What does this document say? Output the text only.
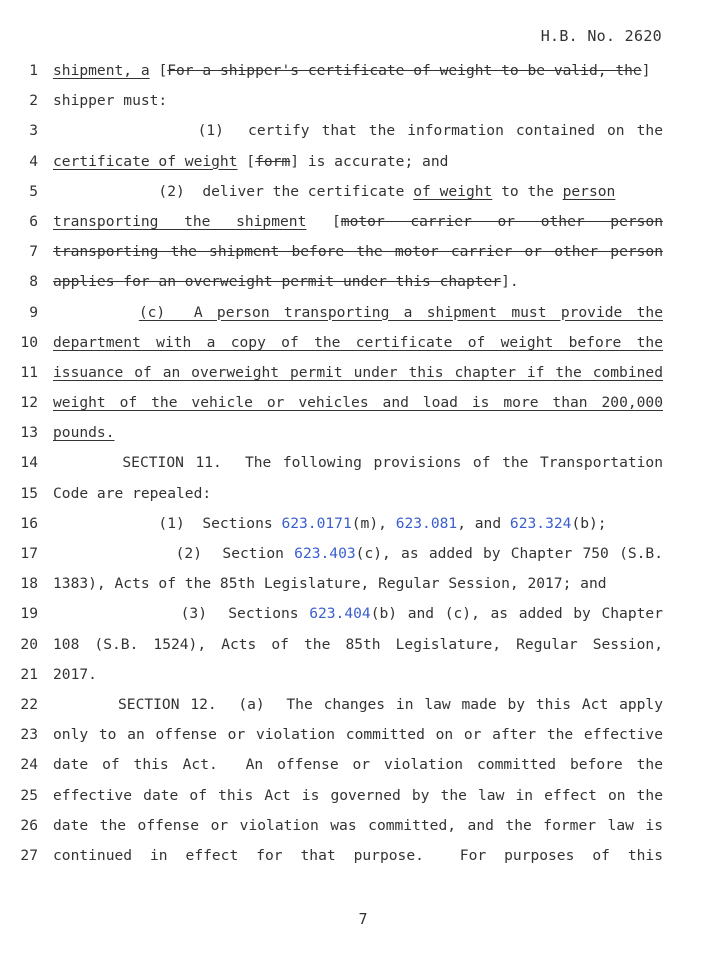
H.B. No. 2620
1 shipment, a [For a shipper's certificate of weight to be valid, the]
2 shipper must:
3 (1)  certify that the information contained on the
4 certificate of weight [form] is accurate; and
5 (2)  deliver the certificate of weight to the person
6 transporting the shipment [motor carrier or other person
7 transporting the shipment before the motor carrier or other person
8 applies for an overweight permit under this chapter].
9	(c)  A person transporting a shipment must provide the
10 department with a copy of the certificate of weight before the
11 issuance of an overweight permit under this chapter if the combined
12 weight of the vehicle or vehicles and load is more than 200,000
13 pounds.
14 SECTION 11.  The following provisions of the Transportation
15 Code are repealed:
16 (1)  Sections 623.0171(m), 623.081, and 623.324(b);
17 (2)  Section 623.403(c), as added by Chapter 750 (S.B.
18 1383), Acts of the 85th Legislature, Regular Session, 2017; and
19 (3)  Sections 623.404(b) and (c), as added by Chapter
20 108 (S.B. 1524), Acts of the 85th Legislature, Regular Session,
21 2017.
22 SECTION 12.  (a)  The changes in law made by this Act apply
23 only to an offense or violation committed on or after the effective
24 date of this Act.  An offense or violation committed before the
25 effective date of this Act is governed by the law in effect on the
26 date the offense or violation was committed, and the former law is
27 continued in effect for that purpose.  For purposes of this
7
